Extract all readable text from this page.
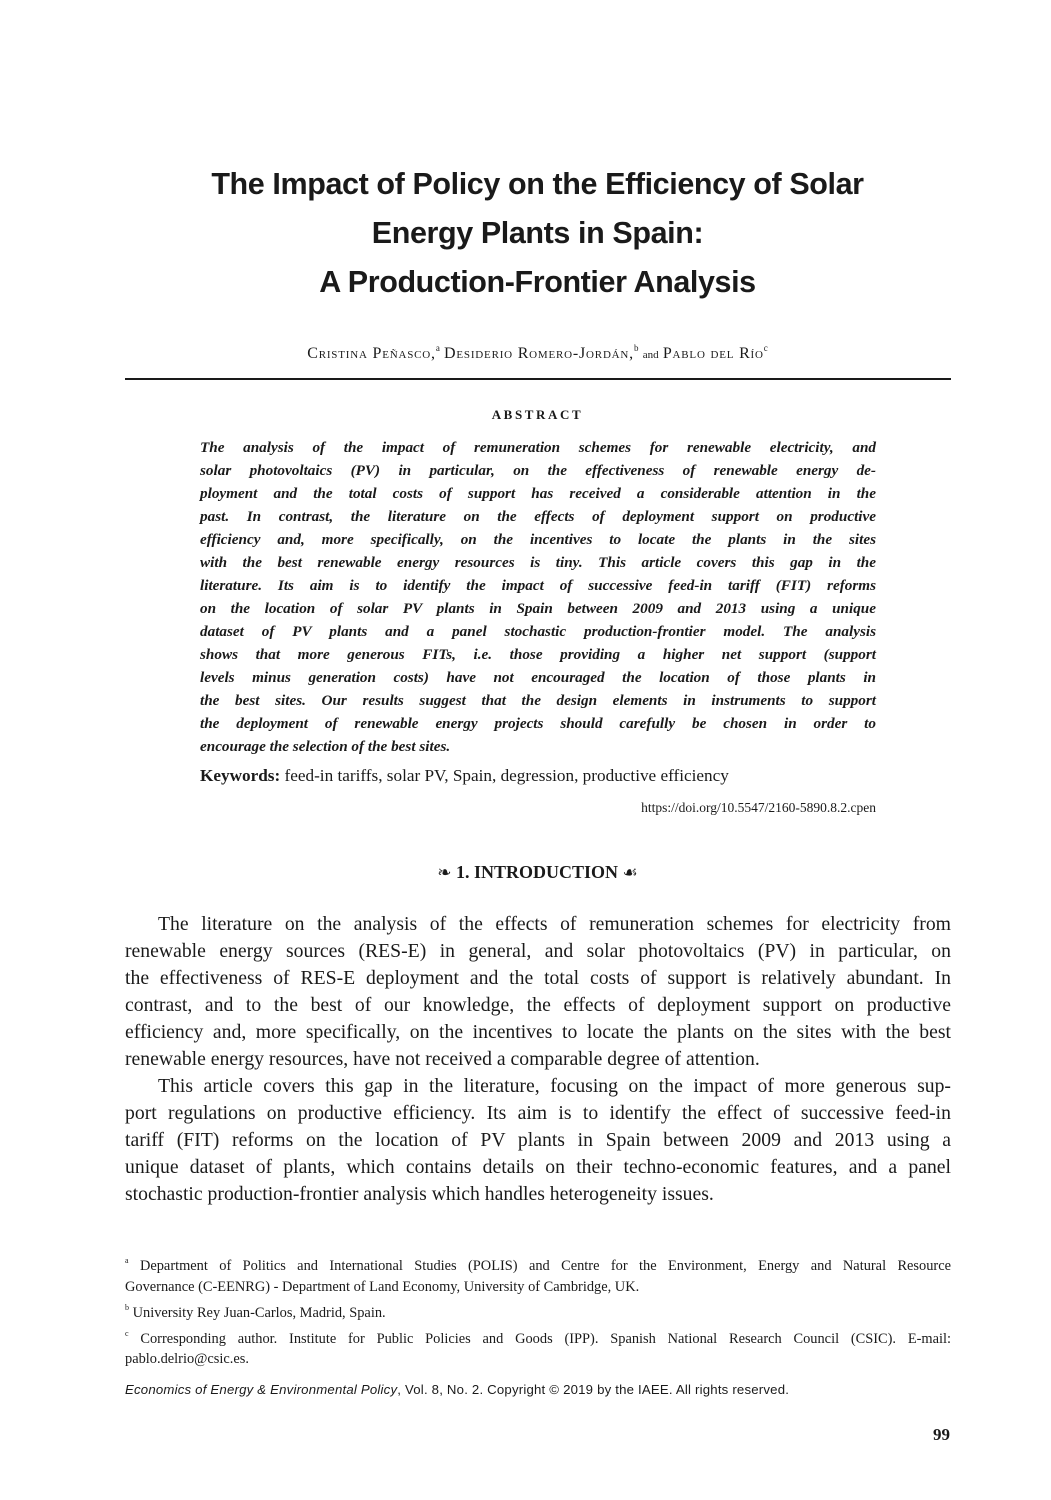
The Impact of Policy on the Efficiency of Solar
Energy Plants in Spain:
A Production-Frontier Analysis
Cristina Peñasco,$^a$ Desiderio Romero-Jordán,$^b$ and Pablo del Río$^c$
ABSTRACT
The analysis of the impact of remuneration schemes for renewable electricity, and
solar photovoltaics (PV) in particular, on the effectiveness of renewable energy de-
ployment and the total costs of support has received a considerable attention in the
past. In contrast, the literature on the effects of deployment support on productive
efficiency and, more specifically, on the incentives to locate the plants in the sites
with the best renewable energy resources is tiny. This article covers this gap in the
literature. Its aim is to identify the impact of successive feed-in tariff (FIT) reforms
on the location of solar PV plants in Spain between 2009 and 2013 using a unique
dataset of PV plants and a panel stochastic production-frontier model. The analysis
shows that more generous FITs, i.e. those providing a higher net support (support
levels minus generation costs) have not encouraged the location of those plants in
the best sites. Our results suggest that the design elements in instruments to support
the deployment of renewable energy projects should carefully be chosen in order to
encourage the selection of the best sites.
Keywords: feed-in tariffs, solar PV, Spain, degression, productive efficiency
https://doi.org/10.5547/2160-5890.8.2.cpen
❧ 1. INTRODUCTION ☙
The literature on the analysis of the effects of remuneration schemes for electricity from
renewable energy sources (RES-E) in general, and solar photovoltaics (PV) in particular, on
the effectiveness of RES-E deployment and the total costs of support is relatively abundant. In
contrast, and to the best of our knowledge, the effects of deployment support on productive
efficiency and, more specifically, on the incentives to locate the plants on the sites with the best
renewable energy resources, have not received a comparable degree of attention.
This article covers this gap in the literature, focusing on the impact of more generous sup-
port regulations on productive efficiency. Its aim is to identify the effect of successive feed-in
tariff (FIT) reforms on the location of PV plants in Spain between 2009 and 2013 using a
unique dataset of plants, which contains details on their techno-economic features, and a panel
stochastic production-frontier analysis which handles heterogeneity issues.
$^a$ Department of Politics and International Studies (POLIS) and Centre for the Environment, Energy and Natural Resource
Governance (C-EENRG) - Department of Land Economy, University of Cambridge, UK.
$^b$ University Rey Juan-Carlos, Madrid, Spain.
$^c$ Corresponding author. Institute for Public Policies and Goods (IPP). Spanish National Research Council (CSIC). E-mail:
pablo.delrio@csic.es.
Economics of Energy & Environmental Policy, Vol. 8, No. 2. Copyright © 2019 by the IAEE. All rights reserved.
99
